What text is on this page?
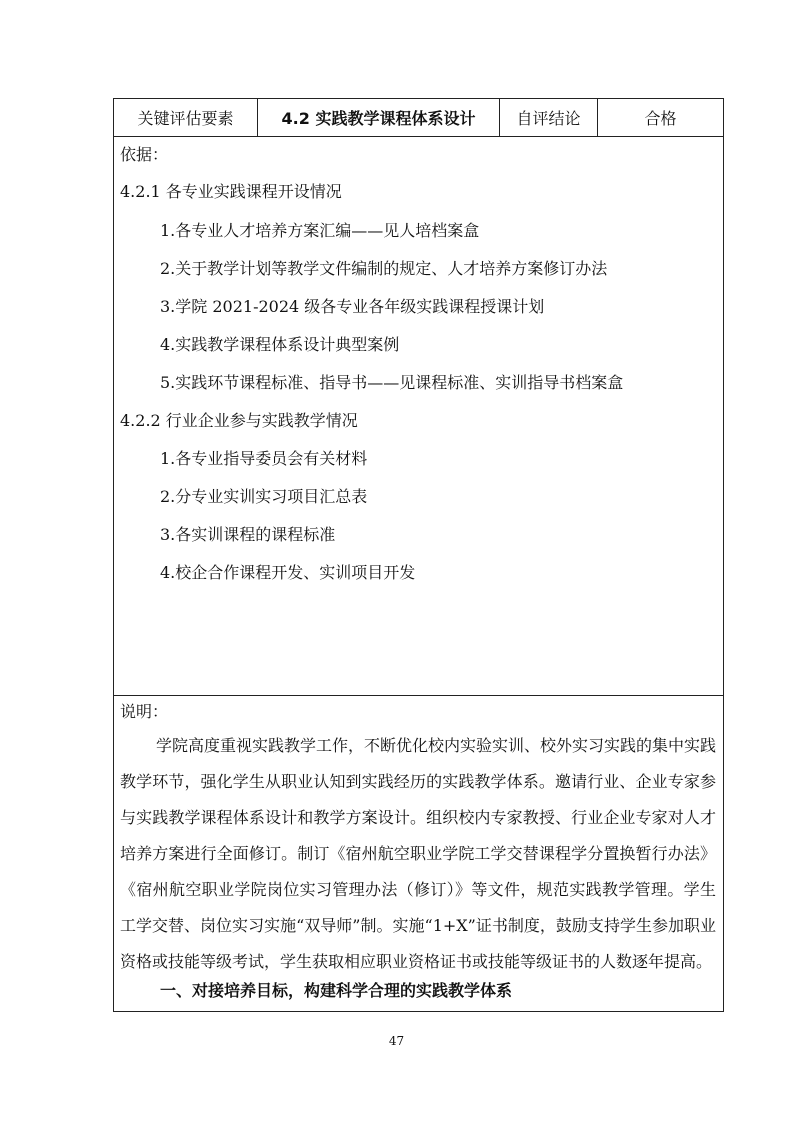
关键评估要素	4.2 实践教学课程体系设计	自评结论	合格
依据：
4.2.1 各专业实践课程开设情况
1.各专业人才培养方案汇编——见人培档案盒
2.关于教学计划等教学文件编制的规定、人才培养方案修订办法
3.学院 2021-2024 级各专业各年级实践课程授课计划
4.实践教学课程体系设计典型案例
5.实践环节课程标准、指导书——见课程标准、实训指导书档案盒
4.2.2 行业企业参与实践教学情况
1.各专业指导委员会有关材料
2.分专业实训实习项目汇总表
3.各实训课程的课程标准
4.校企合作课程开发、实训项目开发
说明：

学院高度重视实践教学工作，不断优化校内实验实训、校外实习实践的集中实践教学环节，强化学生从职业认知到实践经历的实践教学体系。邀请行业、企业专家参与实践教学课程体系设计和教学方案设计。组织校内专家教授、行业企业专家对人才培养方案进行全面修订。制订《宿州航空职业学院工学交替课程学分置换暂行办法》《宿州航空职业学院岗位实习管理办法（修订）》等文件，规范实践教学管理。学生工学交替、岗位实习实施“双导师”制。实施“1+X”证书制度，鼓励支持学生参加职业资格或技能等级考试，学生获取相应职业资格证书或技能等级证书的人数逐年提高。

一、对接培养目标，构建科学合理的实践教学体系
47
